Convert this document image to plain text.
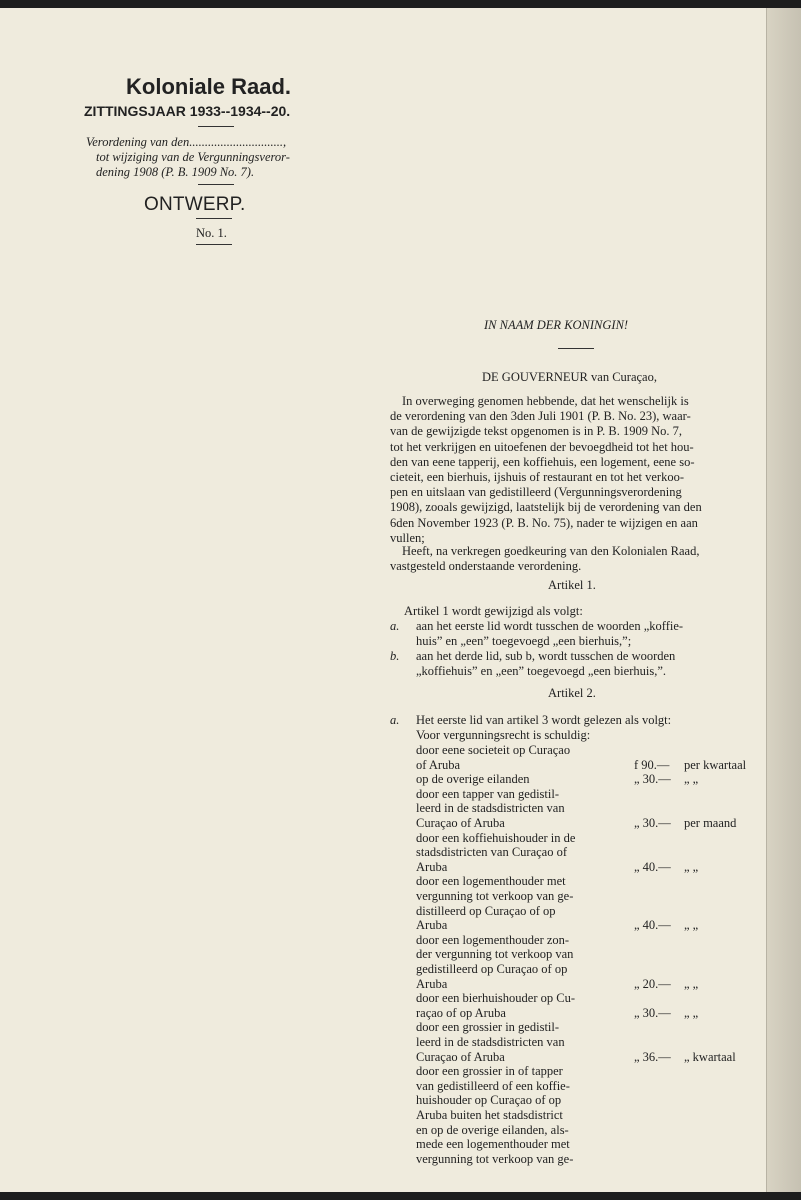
Koloniale Raad.
ZITTINGSJAAR 1933--1934--20.
Verordening van den..............................,
tot wijziging van de Vergunningsveror-
dening 1908 (P. B. 1909 No. 7).
ONTWERP.
No. 1.
IN NAAM DER KONINGIN!
DE GOUVERNEUR van Curaçao,
Artikel 1.
Artikel 1 wordt gewijzigd als volgt:
a. aan het eerste lid wordt tusschen de woorden „koffie-
huis” en „een” toegevoegd „een bierhuis,”;
b. aan het derde lid, sub b, wordt tusschen de woorden
„koffiehuis” en „een” toegevoegd „een bierhuis,”.
Artikel 2.
a. Het eerste lid van artikel 3 wordt gelezen als volgt:
Voor vergunningsrecht is schuldig:
In overweging genomen hebbende, dat het wenschelijk is
de verordening van den 3den Juli 1901 (P. B. No. 23), waar-
van de gewijzigde tekst opgenomen is in P. B. 1909 No. 7,
tot het verkrijgen en uitoefenen der bevoegdheid tot het hou-
den van eene tapperij, een koffiehuis, een logement, eene so-
cieteit, een bierhuis, ijshuis of restaurant en tot het verkoo-
pen en uitslaan van gedistilleerd (Vergunningsverordening
1908), zooals gewijzigd, laatstelijk bij de verordening van den
6den November 1923 (P. B. No. 75), nader te wijzigen en aan
vullen;
Heeft, na verkregen goedkeuring van den Kolonialen Raad,
vastgesteld onderstaande verordening.
door eene societeit op Curaçao
of Aruba	f 90.— per kwartaal
op de overige eilanden	„ 30.— „ „
door een tapper van gedistil-
leerd in de stadsdistricten van
Curaçao of Aruba	„ 30.— per maand
door een koffiehuishouder in de
stadsdistricten van Curaçao of
Aruba	„ 40.— „ „
door een logementhouder met
vergunning tot verkoop van ge-
distilleerd op Curaçao of op
Aruba	„ 40.— „ „
door een logementhouder zon-
der vergunning tot verkoop van
gedistilleerd op Curaçao of op
Aruba	„ 20.— „ „
door een bierhuishouder op Cu-
raçao of op Aruba	„ 30.— „ „
door een grossier in gedistil-
leerd in de stadsdistricten van
Curaçao of Aruba	„ 36.— „ kwartaal
door een grossier in of tapper
van gedistilleerd of een koffie-
huishouder op Curaçao of op
Aruba buiten het stadsdistrict
en op de overige eilanden, als-
mede een logementhouder met
vergunning tot verkoop van ge-
